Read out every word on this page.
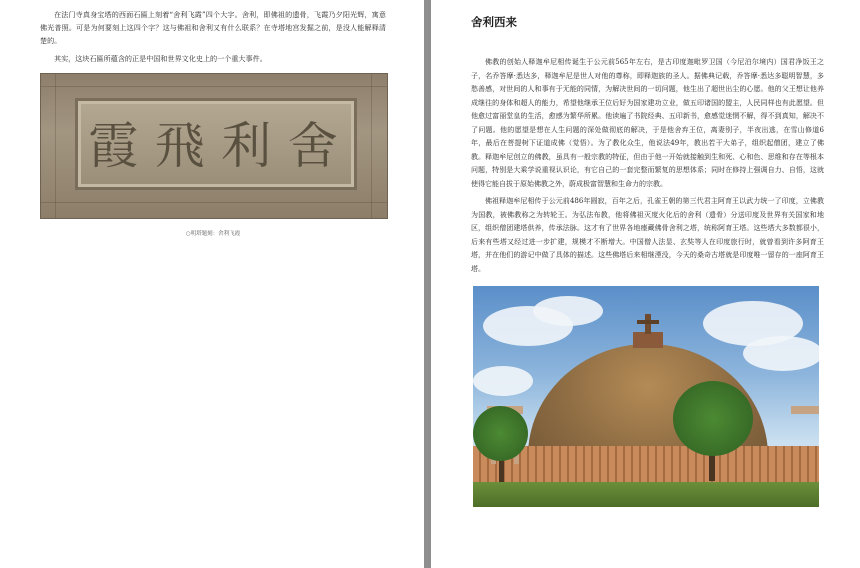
在法门寺真身宝塔的西面石匾上刻着“舍利飞霞”四个大字。舍利，即佛祖的遗骨，飞霞乃夕阳光辉，寓意佛光普照。可是为何要刻上这四个字？这与佛祖和舍利又有什么联系？在寺塔地宫发掘之前，是没人能解释清楚的。

其实，这块石匾所蕴含的正是中国和世界文化史上的一个重大事件。

霞 飛 利 舍
○明塔题刻：舍利飞霞
舍利西来

佛教的创始人释迦牟尼相传诞生于公元前565年左右，是古印度迦毗罗卫国（今尼泊尔境内）国君净饭王之子，名乔答摩·悉达多，释迦牟尼是世人对他的尊称，即释迦族的圣人。据佛典记载，乔答摩·悉达多聪明智慧，多愁善感，对世间的人和事有于无能的同情，为解决世间的一切问题，他生出了超世出尘的心愿。他的父王想让他养成继往的身体和超人的能力，希望他继承王位后好为国家建功立业，做五印诸国的盟主，人民同样也有此愿望。但他愈过富丽堂皇的生活，愈感为繁华所累。他读遍了书院经典、五印新书，愈感觉迷惘不解，得不到真知，解决不了问题。他的愿望是想在人生问题的深处做彻底的解决，于是他舍弃王位，离妻别子，半夜出逃，在雪山修道6年，最后在菩提树下证道成佛（觉悟）。为了教化众生，他说法49年，教出若干大弟子，组织起僧团，建立了佛教。释迦牟尼创立的佛教，虽具有一般宗教的特征，但由于他一开始就接触到生和死、心和色、思维和存在等根本问题，特别是大乘学说重视认识论，有它自己的一套完整而繁复的思想体系；同时在修持上强调自力、自悟，这就使得它能自拔于原始佛教之外，蔚成极富智慧和生命力的宗教。

佛祖释迦牟尼相传于公元前486年圆寂，百年之后，孔雀王朝的第三代君主阿育王以武力统一了印度，立佛教为国教，被佛教称之为转轮王。为弘法布教，他将佛祖灭度火化后的舍利（遗骨）分送印度及世界有关国家和地区，组织僧团建塔供养，传承法脉。这才有了世界各地瘗藏佛骨舍利之塔，统称阿育王塔。这些塔大多数都很小，后来有些塔又经过进一步扩建，规模才不断增大。中国僧人法显、玄奘等人在印度旅行时，就曾看到许多阿育王塔，并在他们的游记中做了具体的描述。这些佛塔后来相继湮没，今天的桑奇古塔就是印度唯一留存的一座阿育王塔。
